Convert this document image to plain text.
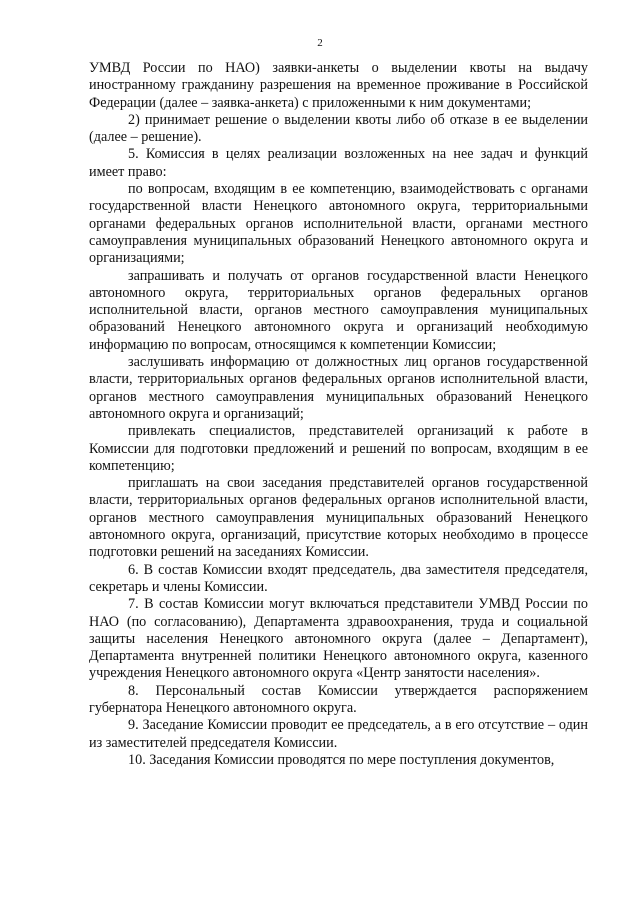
2

УМВД России по НАО) заявки-анкеты о выделении квоты на выдачу иностранному гражданину разрешения на временное проживание в Российской Федерации (далее – заявка-анкета) с приложенными к ним документами;

2) принимает решение о выделении квоты либо об отказе в ее выделении (далее – решение).

5. Комиссия в целях реализации возложенных на нее задач и функций имеет право:

по вопросам, входящим в ее компетенцию, взаимодействовать с органами государственной власти Ненецкого автономного округа, территориальными органами федеральных органов исполнительной власти, органами местного самоуправления муниципальных образований Ненецкого автономного округа и организациями;

запрашивать и получать от органов государственной власти Ненецкого автономного округа, территориальных органов федеральных органов исполнительной власти, органов местного самоуправления муниципальных образований Ненецкого автономного округа и организаций необходимую информацию по вопросам, относящимся к компетенции Комиссии;

заслушивать информацию от должностных лиц органов государственной власти, территориальных органов федеральных органов исполнительной власти, органов местного самоуправления муниципальных образований Ненецкого автономного округа и организаций;

привлекать специалистов, представителей организаций к работе в Комиссии для подготовки предложений и решений по вопросам, входящим в ее компетенцию;

приглашать на свои заседания представителей органов государственной власти, территориальных органов федеральных органов исполнительной власти, органов местного самоуправления муниципальных образований Ненецкого автономного округа, организаций, присутствие которых необходимо в процессе подготовки решений на заседаниях Комиссии.

6. В состав Комиссии входят председатель, два заместителя председателя, секретарь и члены Комиссии.

7. В состав Комиссии могут включаться представители УМВД России по НАО (по согласованию), Департамента здравоохранения, труда и социальной защиты населения Ненецкого автономного округа (далее – Департамент), Департамента внутренней политики Ненецкого автономного округа, казенного учреждения Ненецкого автономного округа «Центр занятости населения».

8. Персональный состав Комиссии утверждается распоряжением губернатора Ненецкого автономного округа.

9. Заседание Комиссии проводит ее председатель, а в его отсутствие – один из заместителей председателя Комиссии.

10. Заседания Комиссии проводятся по мере поступления документов,
